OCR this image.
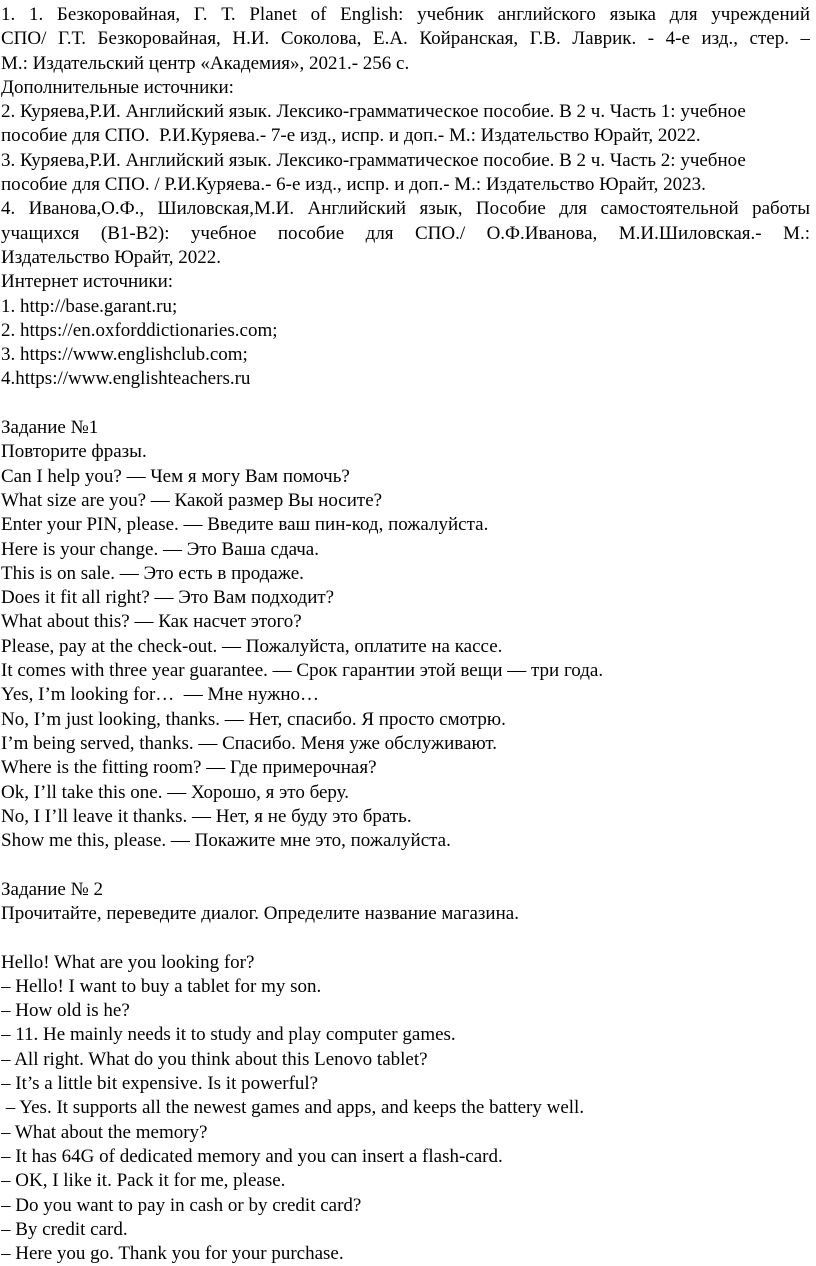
1. 1. Безкоровайная, Г. Т. Planet of English: учебник английского языка для учреждений
СПО/ Г.Т. Безкоровайная, Н.И. Соколова, Е.А. Койранская, Г.В. Лаврик. - 4-е изд., стер. –
М.: Издательский центр «Академия», 2021.- 256 с.
Дополнительные источники:
2. Куряева,Р.И. Английский язык. Лексико-грамматическое пособие. В 2 ч. Часть 1: учебное
пособие для СПО.  Р.И.Куряева.- 7-е изд., испр. и доп.- М.: Издательство Юрайт, 2022.
3. Куряева,Р.И. Английский язык. Лексико-грамматическое пособие. В 2 ч. Часть 2: учебное
пособие для СПО. / Р.И.Куряева.- 6-е изд., испр. и доп.- М.: Издательство Юрайт, 2023.
4. Иванова,О.Ф., Шиловская,М.И. Английский язык, Пособие для самостоятельной работы
учащихся (В1-В2): учебное пособие для СПО./ О.Ф.Иванова, М.И.Шиловская.- М.:
Издательство Юрайт, 2022.
Интернет источники:
1. http://base.garant.ru;
2. https://en.oxforddictionaries.com;
3. https://www.englishclub.com;
4.https://www.englishteachers.ru
Задание №1
Повторите фразы.
Can I help you? — Чем я могу Вам помочь?
What size are you? — Какой размер Вы носите?
Enter your PIN, please. — Введите ваш пин-код, пожалуйста.
Here is your change. — Это Ваша сдача.
This is on sale. — Это есть в продаже.
Does it fit all right? — Это Вам подходит?
What about this? — Как насчет этого?
Please, pay at the check-out. — Пожалуйста, оплатите на кассе.
It comes with three year guarantee. — Срок гарантии этой вещи — три года.
Yes, I’m looking for…  — Мне нужно…
No, I’m just looking, thanks. — Нет, спасибо. Я просто смотрю.
I’m being served, thanks. — Спасибо. Меня уже обслуживают.
Where is the fitting room? — Где примерочная?
Ok, I’ll take this one. — Хорошо, я это беру.
No, I I’ll leave it thanks. — Нет, я не буду это брать.
Show me this, please. — Покажите мне это, пожалуйста.
Задание № 2
Прочитайте, переведите диалог. Определите название магазина.
Hello! What are you looking for?
– Hello! I want to buy a tablet for my son.
– How old is he?
– 11. He mainly needs it to study and play computer games.
– All right. What do you think about this Lenovo tablet?
– It’s a little bit expensive. Is it powerful?
– Yes. It supports all the newest games and apps, and keeps the battery well.
– What about the memory?
– It has 64G of dedicated memory and you can insert a flash-card.
– OK, I like it. Pack it for me, please.
– Do you want to pay in cash or by credit card?
– By credit card.
– Here you go. Thank you for your purchase.
